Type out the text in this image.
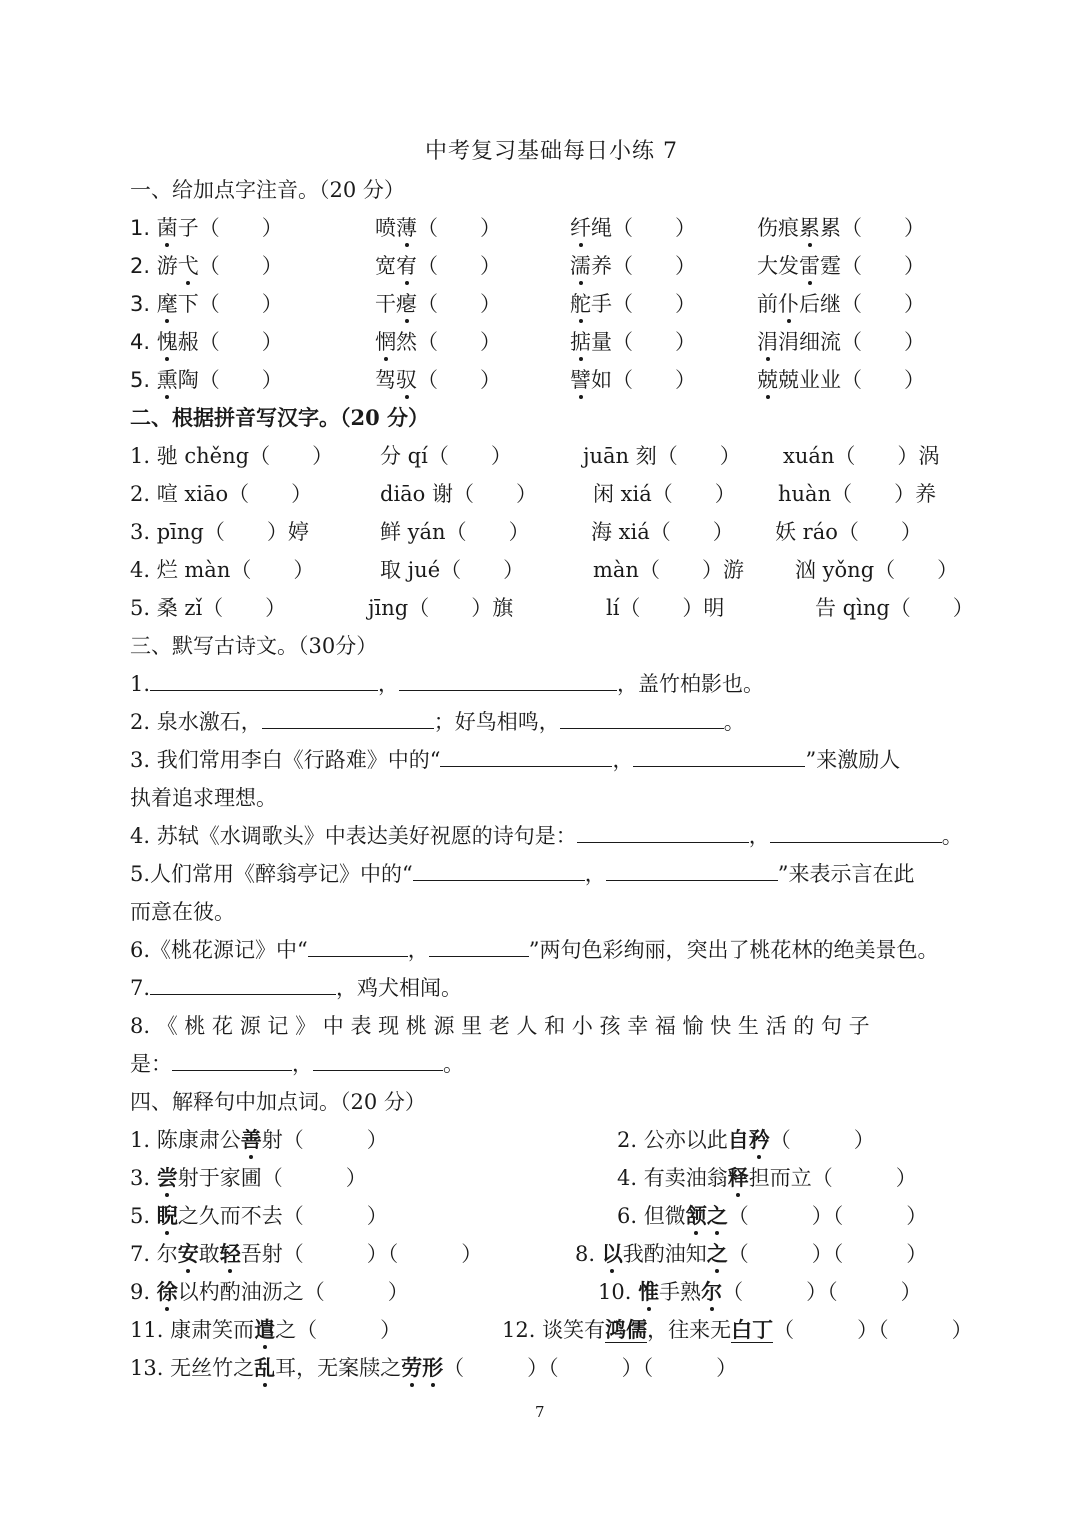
中考复习基础每日小练 7
一、给加点字注音。（20 分）
1. 菌子（　　）	喷薄（　　）	纤绳（　　）	伤痕累累（　　）
2. 游弋（　　）	宽宥（　　）	濡养（　　）	大发雷霆（　　）
3. 麾下（　　）	干瘪（　　）	舵手（　　）	前仆后继（　　）
4. 愧赧（　　）	惘然（　　）	掂量（　　）	涓涓细流（　　）
5. 熏陶（　　）	驾驭（　　）	譬如（　　）	兢兢业业（　　）
二、根据拼音写汉字。（20 分）
1. 驰 chěng（　　） 分 qí（　　）	juān 刻（　　） xuán（　　）涡
2. 喧 xiāo（　　）	diāo 谢（　　）	闲 xiá（　　） huàn（　　）养
3. pīng（　　）婷	鲜 yán（　　）	海 xiá（　　） 妖 ráo（　　）
4. 烂 màn（　　）	取 jué（　　）	màn（　　）游 汹 yǒng（　　）
5. 桑 zǐ（　　）	jīng（　　）旗	lí（　　）明	告 qìng（　　）
三、默写古诗文。（30分）
1.	，	，盖竹柏影也。
2. 泉水激石，	；好鸟相鸣，	。
3. 我们常用李白《行路难》中的“	，	”来激励人
执着追求理想。
4. 苏轼《水调歌头》中表达美好祝愿的诗句是：	，	。
5.人们常用《醉翁亭记》中的“	，	”来表示言在此
而意在彼。
6.《桃花源记》中“	，	”两句色彩绚丽，突出了桃花林的绝美景色。
7.	，鸡犬相闻。
8. 《 桃 花 源 记 》 中 表 现 桃 源 里 老 人 和 小 孩 幸 福 愉 快 生 活 的 句 子
是：	，	。
四、解释句中加点词。（20 分）
1. 陈康肃公善射（　　　）	2. 公亦以此自矜（　　　）
3. 尝射于家圃（　　　）	4. 有卖油翁释担而立（　　　）
5. 睨之久而不去（　　　）	6. 但微颔之（　　　）（　　　）
7. 尔安敢轻吾射（　　　）（　　　）	8. 以我酌油知之（　　　）（　　　）
9. 徐以杓酌油沥之（　　　）	10. 惟手熟尔（　　　）（　　　）
11. 康肃笑而遣之（　　　）	12. 谈笑有鸿儒，往来无白丁（　　　）（　　　）
13. 无丝竹之乱耳，无案牍之劳形（　　　）（　　　）（　　　）
7
